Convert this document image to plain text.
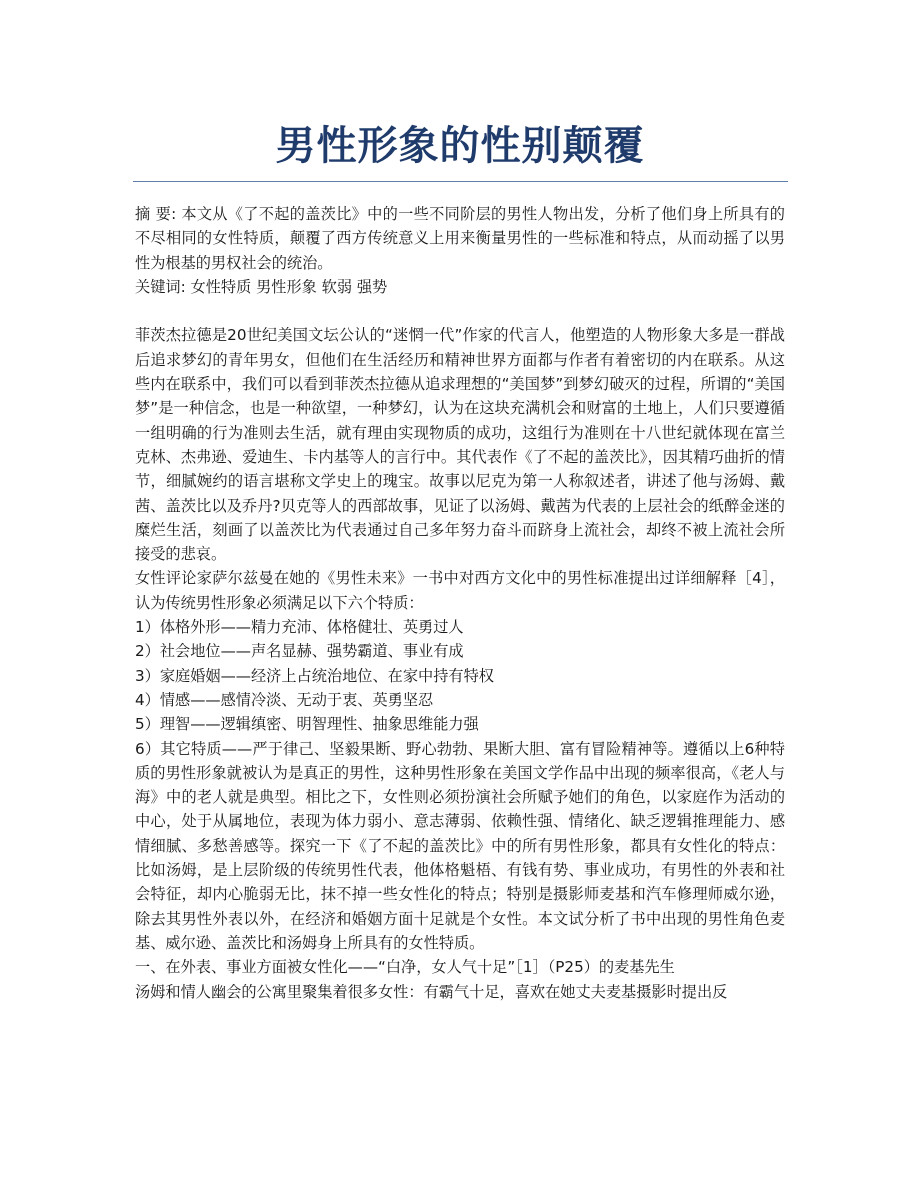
男性形象的性别颠覆

摘 要: 本文从《了不起的盖茨比》中的一些不同阶层的男性人物出发，分析了他们身上所具有的不尽相同的女性特质，颠覆了西方传统意义上用来衡量男性的一些标准和特点，从而动摇了以男性为根基的男权社会的统治。

关键词: 女性特质 男性形象 软弱 强势

菲茨杰拉德是20世纪美国文坛公认的“迷惘一代”作家的代言人，他塑造的人物形象大多是一群战后追求梦幻的青年男女，但他们在生活经历和精神世界方面都与作者有着密切的内在联系。从这些内在联系中，我们可以看到菲茨杰拉德从追求理想的“美国梦”到梦幻破灭的过程，所谓的“美国梦”是一种信念，也是一种欲望，一种梦幻，认为在这块充满机会和财富的土地上，人们只要遵循一组明确的行为准则去生活，就有理由实现物质的成功，这组行为准则在十八世纪就体现在富兰克林、杰弗逊、爱迪生、卡内基等人的言行中。其代表作《了不起的盖茨比》，因其精巧曲折的情节，细腻婉约的语言堪称文学史上的瑰宝。故事以尼克为第一人称叙述者，讲述了他与汤姆、戴茜、盖茨比以及乔丹?贝克等人的西部故事，见证了以汤姆、戴茜为代表的上层社会的纸醉金迷的糜烂生活，刻画了以盖茨比为代表通过自己多年努力奋斗而跻身上流社会，却终不被上流社会所接受的悲哀。

女性评论家萨尔兹曼在她的《男性未来》一书中对西方文化中的男性标准提出过详细解释［4］，认为传统男性形象必须满足以下六个特质：

1）体格外形——精力充沛、体格健壮、英勇过人

2）社会地位——声名显赫、强势霸道、事业有成

3）家庭婚姻——经济上占统治地位、在家中持有特权

4）情感——感情冷淡、无动于衷、英勇坚忍

5）理智——逻辑缜密、明智理性、抽象思维能力强

6）其它特质——严于律己、坚毅果断、野心勃勃、果断大胆、富有冒险精神等。遵循以上6种特质的男性形象就被认为是真正的男性，这种男性形象在美国文学作品中出现的频率很高，《老人与海》中的老人就是典型。相比之下，女性则必须扮演社会所赋予她们的角色，以家庭作为活动的中心，处于从属地位，表现为体力弱小、意志薄弱、依赖性强、情绪化、缺乏逻辑推理能力、感情细腻、多愁善感等。探究一下《了不起的盖茨比》中的所有男性形象，都具有女性化的特点：比如汤姆，是上层阶级的传统男性代表，他体格魁梧、有钱有势、事业成功，有男性的外表和社会特征，却内心脆弱无比，抹不掉一些女性化的特点；特别是摄影师麦基和汽车修理师威尔逊，除去其男性外表以外，在经济和婚姻方面十足就是个女性。本文试分析了书中出现的男性角色麦基、威尔逊、盖茨比和汤姆身上所具有的女性特质。

一、在外表、事业方面被女性化——“白净，女人气十足”［1］（P25）的麦基先生

汤姆和情人幽会的公寓里聚集着很多女性：有霸气十足，喜欢在她丈夫麦基摄影时提出反
